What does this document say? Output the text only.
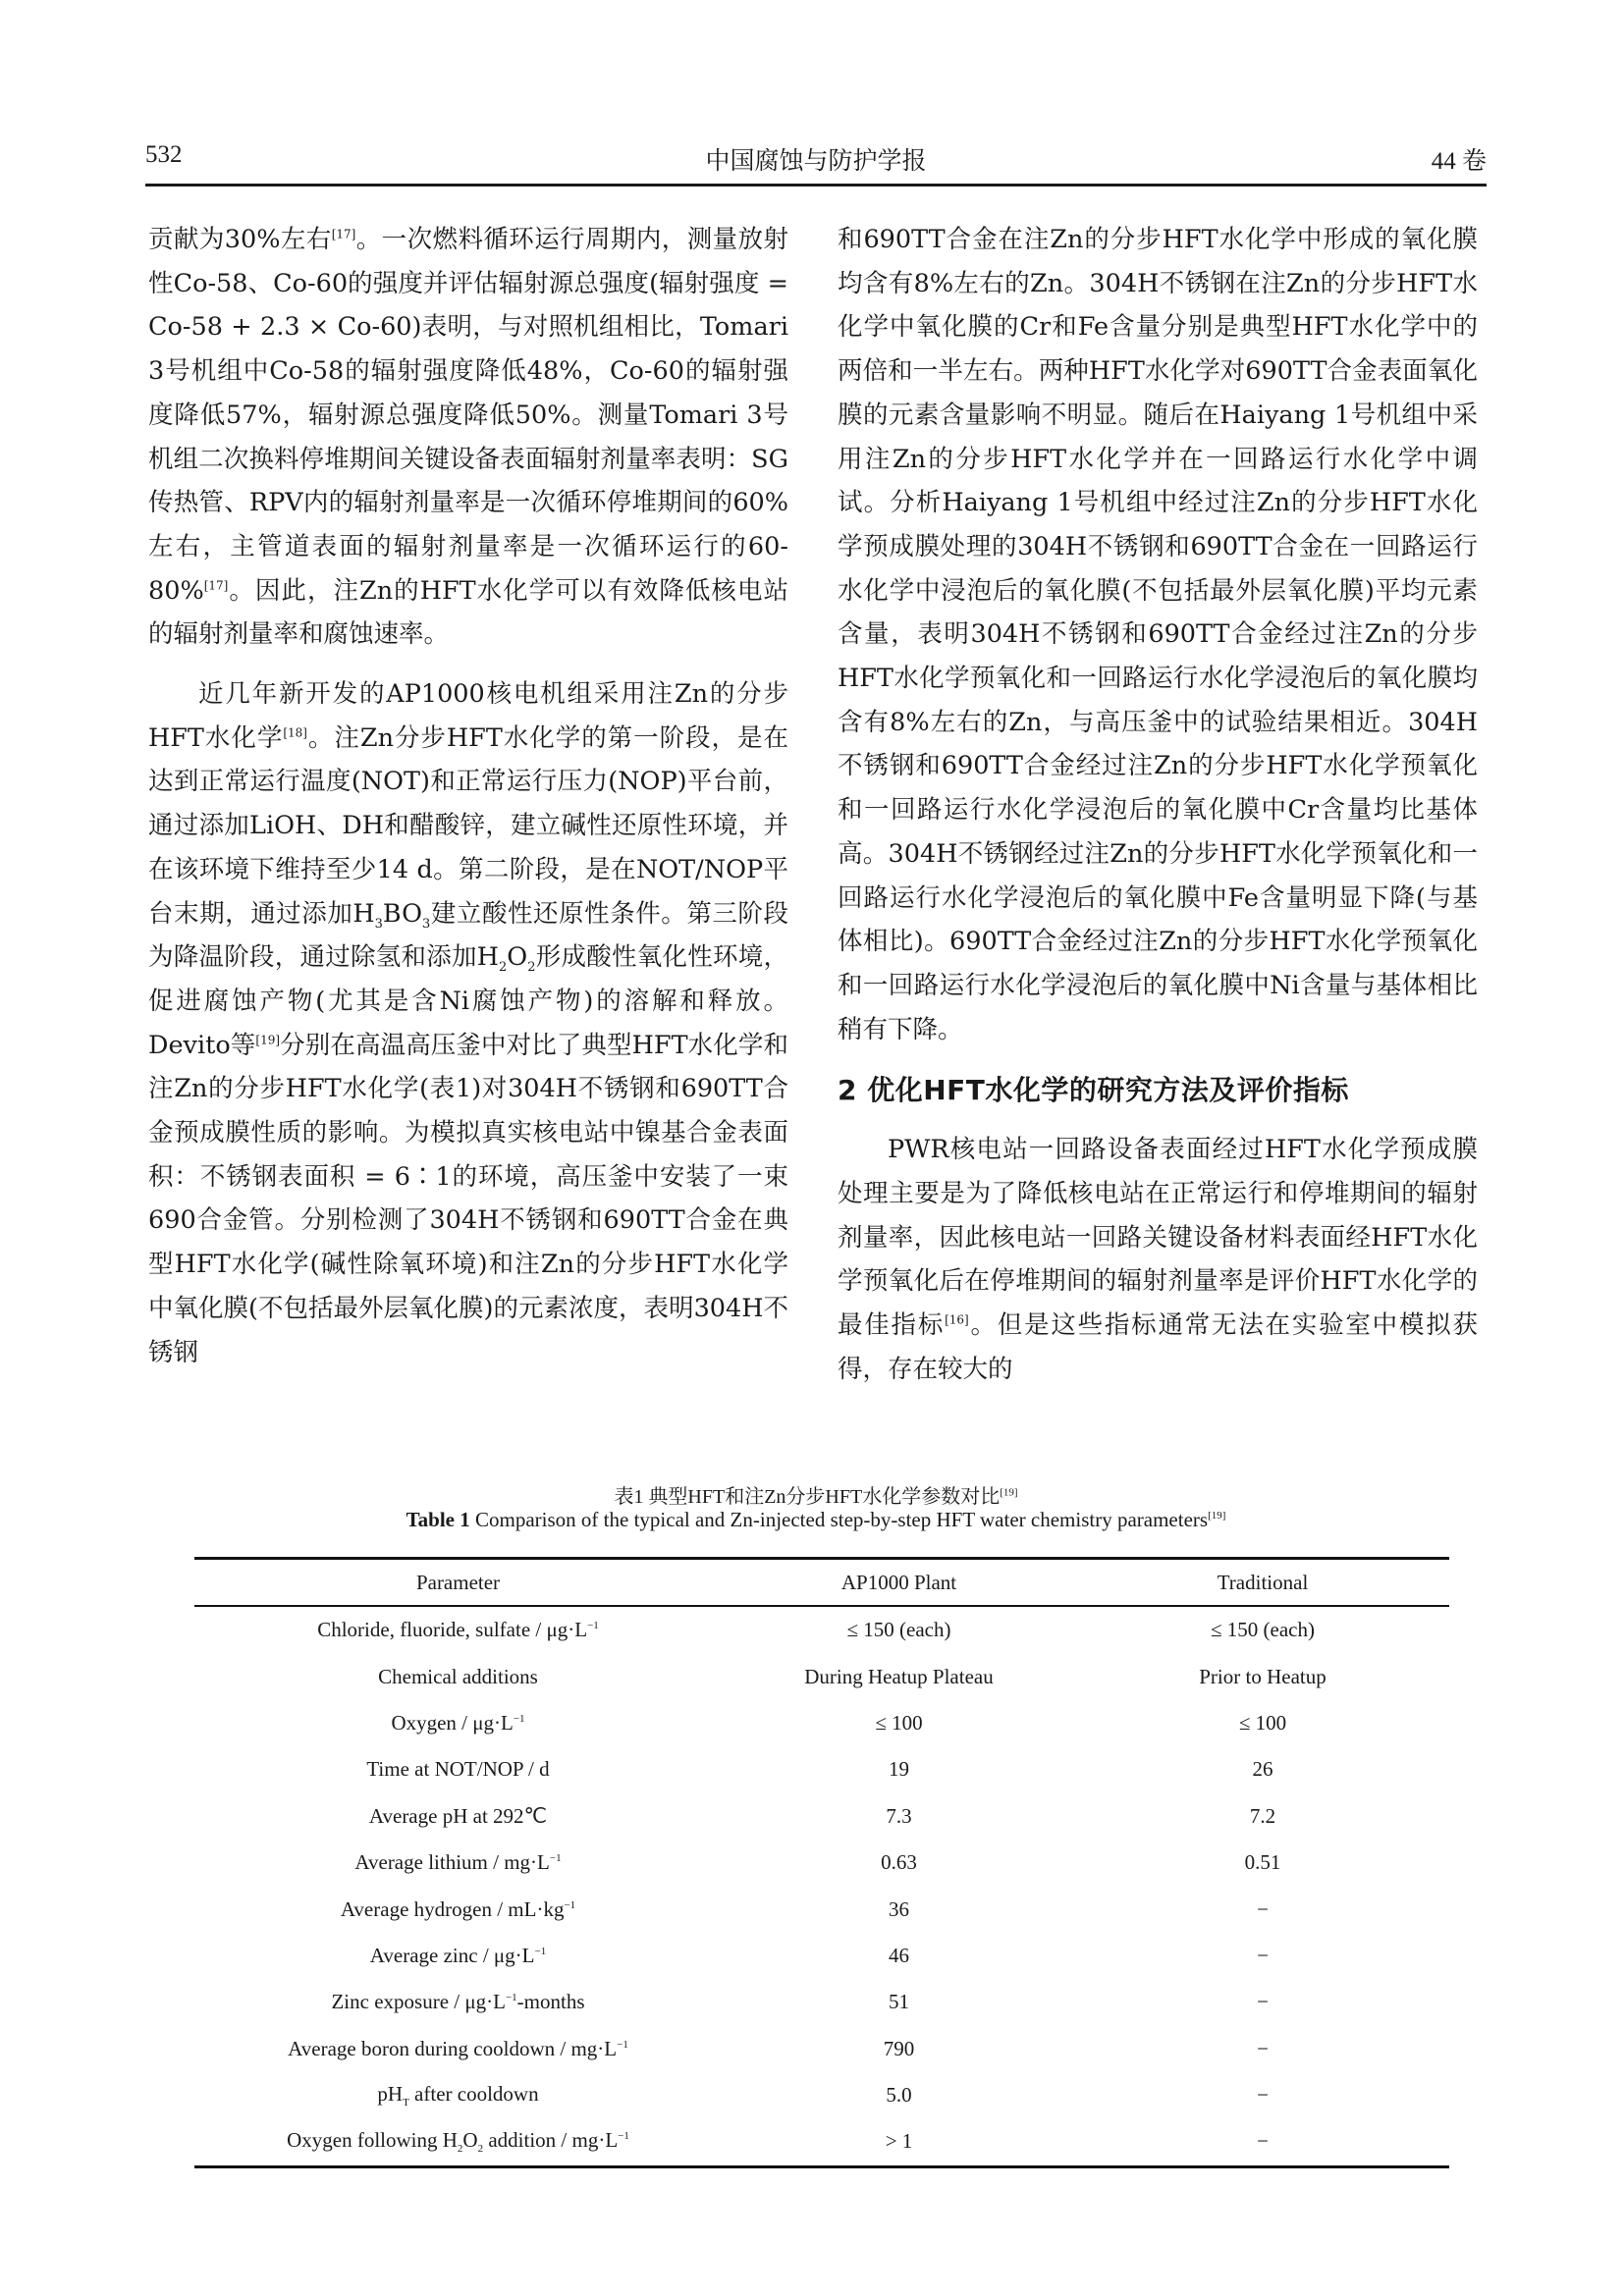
532	中国腐蚀与防护学报	44 卷

贡献为30%左右[17]。一次燃料循环运行周期内，测量放射性Co-58、Co-60的强度并评估辐射源总强度(辐射强度 = Co-58 + 2.3 × Co-60)表明，与对照机组相比，Tomari 3号机组中Co-58的辐射强度降低48%，Co-60的辐射强度降低57%，辐射源总强度降低50%。测量Tomari 3号机组二次换料停堆期间关键设备表面辐射剂量率表明：SG传热管、RPV内的辐射剂量率是一次循环停堆期间的60%左右，主管道表面的辐射剂量率是一次循环运行的60-80%[17]。因此，注Zn的HFT水化学可以有效降低核电站的辐射剂量率和腐蚀速率。

近几年新开发的AP1000核电机组采用注Zn的分步HFT水化学[18]。注Zn分步HFT水化学的第一阶段，是在达到正常运行温度(NOT)和正常运行压力(NOP)平台前，通过添加LiOH、DH和醋酸锌，建立碱性还原性环境，并在该环境下维持至少14 d。第二阶段，是在NOT/NOP平台末期，通过添加$H_3BO_3$建立酸性还原性条件。第三阶段为降温阶段，通过除氢和添加$H_2O_2$形成酸性氧化性环境，促进腐蚀产物(尤其是含Ni腐蚀产物)的溶解和释放。Devito等[19]分别在高温高压釜中对比了典型HFT水化学和注Zn的分步HFT水化学(表1)对304H不锈钢和690TT合金预成膜性质的影响。为模拟真实核电站中镍基合金表面积：不锈钢表面积 = 6∶1的环境，高压釜中安装了一束690合金管。分别检测了304H不锈钢和690TT合金在典型HFT水化学(碱性除氧环境)和注Zn的分步HFT水化学中氧化膜(不包括最外层氧化膜)的元素浓度，表明304H不锈钢

和690TT合金在注Zn的分步HFT水化学中形成的氧化膜均含有8%左右的Zn。304H不锈钢在注Zn的分步HFT水化学中氧化膜的Cr和Fe含量分别是典型HFT水化学中的两倍和一半左右。两种HFT水化学对690TT合金表面氧化膜的元素含量影响不明显。随后在Haiyang 1号机组中采用注Zn的分步HFT水化学并在一回路运行水化学中调试。分析Haiyang 1号机组中经过注Zn的分步HFT水化学预成膜处理的304H不锈钢和690TT合金在一回路运行水化学中浸泡后的氧化膜(不包括最外层氧化膜)平均元素含量，表明304H不锈钢和690TT合金经过注Zn的分步HFT水化学预氧化和一回路运行水化学浸泡后的氧化膜均含有8%左右的Zn，与高压釜中的试验结果相近。304H不锈钢和690TT合金经过注Zn的分步HFT水化学预氧化和一回路运行水化学浸泡后的氧化膜中Cr含量均比基体高。304H不锈钢经过注Zn的分步HFT水化学预氧化和一回路运行水化学浸泡后的氧化膜中Fe含量明显下降(与基体相比)。690TT合金经过注Zn的分步HFT水化学预氧化和一回路运行水化学浸泡后的氧化膜中Ni含量与基体相比稍有下降。

2 优化HFT水化学的研究方法及评价指标

PWR核电站一回路设备表面经过HFT水化学预成膜处理主要是为了降低核电站在正常运行和停堆期间的辐射剂量率，因此核电站一回路关键设备材料表面经HFT水化学预氧化后在停堆期间的辐射剂量率是评价HFT水化学的最佳指标[16]。但是这些指标通常无法在实验室中模拟获得，存在较大的

表1 典型HFT和注Zn分步HFT水化学参数对比[19]
Table 1 Comparison of the typical and Zn-injected step-by-step HFT water chemistry parameters[19]
Parameter	AP1000 Plant	Traditional
Chloride, fluoride, sulfate / $\mu g\cdot L^{-1}$	≤ 150 (each)	≤ 150 (each)
Chemical additions	During Heatup Plateau	Prior to Heatup
Oxygen / $\mu g\cdot L^{-1}$	≤ 100	≤ 100
Time at NOT/NOP / d	19	26
Average pH at 292℃	7.3	7.2
Average lithium / $mg\cdot L^{-1}$	0.63	0.51
Average hydrogen / $mL\cdot kg^{-1}$	36	−
Average zinc / $\mu g\cdot L^{-1}$	46	−
Zinc exposure / $\mu g\cdot L^{-1}$-months	51	−
Average boron during cooldown / $mg\cdot L^{-1}$	790	−
$pH_T$ after cooldown	5.0	−
Oxygen following $H_2O_2$ addition / $mg\cdot L^{-1}$	> 1	−
